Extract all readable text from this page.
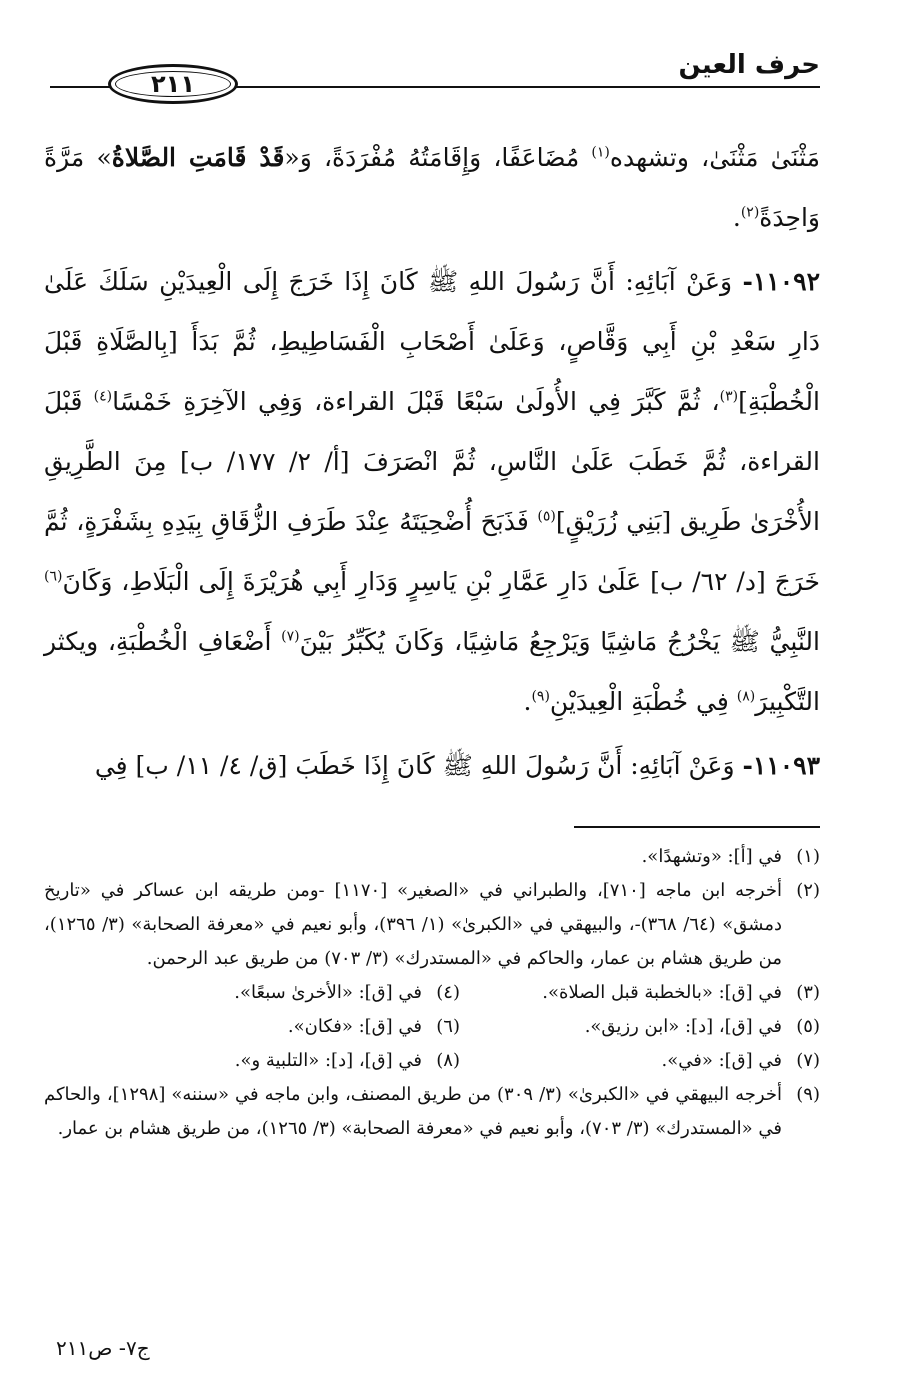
حرف العين
٢١١

مَثْنَىٰ مَثْنَىٰ، وتشهده$^{(١)}$ مُضَاعَفًا، وَإِقَامَتُهُ مُفْرَدَةً، وَ«قَدْ قَامَتِ الصَّلاةُ» مَرَّةً وَاحِدَةً$^{(٢)}$.

١١٠٩٢- وَعَنْ آبَائِهِ: أَنَّ رَسُولَ اللهِ ﷺ كَانَ إِذَا خَرَجَ إِلَى الْعِيدَيْنِ سَلَكَ عَلَىٰ دَارِ سَعْدِ بْنِ أَبِي وَقَّاصٍ، وَعَلَىٰ أَصْحَابِ الْفَسَاطِيطِ، ثُمَّ بَدَأَ [بِالصَّلَاةِ قَبْلَ الْخُطْبَةِ]$^{(٣)}$، ثُمَّ كَبَّرَ فِي الأُولَىٰ سَبْعًا قَبْلَ القراءة، وَفِي الآخِرَةِ خَمْسًا$^{(٤)}$ قَبْلَ القراءة، ثُمَّ خَطَبَ عَلَىٰ النَّاسِ، ثُمَّ انْصَرَفَ [أ/ ٢/ ١٧٧/ ب] مِنَ الطَّرِيقِ الأُخْرَىٰ طَرِيق [بَنِي زُرَيْقٍ]$^{(٥)}$ فَذَبَحَ أُضْحِيَتَهُ عِنْدَ طَرَفِ الزُّقَاقِ بِيَدِهِ بِشَفْرَةٍ، ثُمَّ خَرَجَ [د/ ٦٢/ ب] عَلَىٰ دَارِ عَمَّارِ بْنِ يَاسِرٍ وَدَارِ أَبِي هُرَيْرَةَ إِلَى الْبَلَاطِ، وَكَانَ$^{(٦)}$ النَّبِيُّ ﷺ يَخْرُجُ مَاشِيًا وَيَرْجِعُ مَاشِيًا، وَكَانَ يُكَبِّرُ بَيْنَ$^{(٧)}$ أَضْعَافِ الْخُطْبَةِ، ويكثر التَّكْبِيرَ$^{(٨)}$ فِي خُطْبَةِ الْعِيدَيْنِ$^{(٩)}$.

١١٠٩٣- وَعَنْ آبَائِهِ: أَنَّ رَسُولَ اللهِ ﷺ كَانَ إِذَا خَطَبَ [ق/ ٤/ ١١/ ب] فِي

(١)
في [أ]: «وتشهدًا».
(٢)
أخرجه ابن ماجه [٧١٠]، والطبراني في «الصغير» [١١٧٠] -ومن طريقه ابن عساكر في «تاريخ دمشق» (٦٤/ ٣٦٨)-، والبيهقي في «الكبرىٰ» (١/ ٣٩٦)، وأبو نعيم في «معرفة الصحابة» (٣/ ١٢٦٥)، من طريق هشام بن عمار، والحاكم في «المستدرك» (٣/ ٧٠٣) من طريق عبد الرحمن.
(٣)
في [ق]: «بالخطبة قبل الصلاة».
(٤)
في [ق]: «الأخرىٰ سبعًا».
(٥)
في [ق]، [د]: «ابن رزيق».
(٦)
في [ق]: «فكان».
(٧)
في [ق]: «في».
(٨)
في [ق]، [د]: «التلبية و».
(٩)
أخرجه البيهقي في «الكبرىٰ» (٣/ ٣٠٩) من طريق المصنف، وابن ماجه في «سننه» [١٢٩٨]، والحاكم في «المستدرك» (٣/ ٧٠٣)، وأبو نعيم في «معرفة الصحابة» (٣/ ١٢٦٥)، من طريق هشام بن عمار.
ج٧- ص٢١١
